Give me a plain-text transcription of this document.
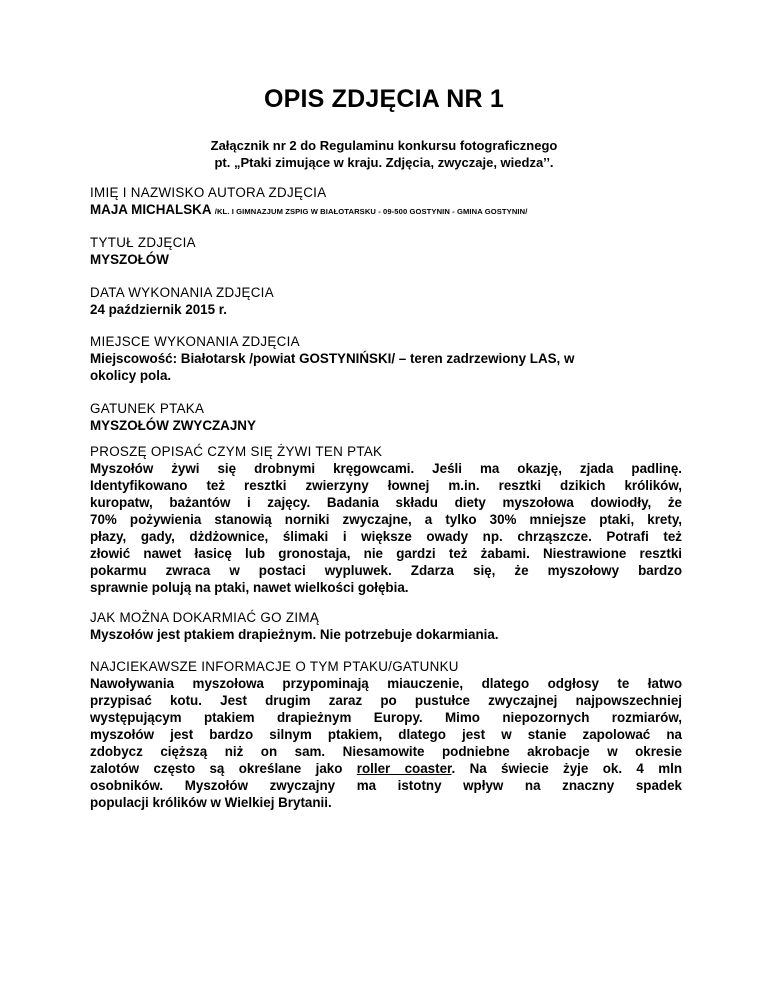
OPIS ZDJĘCIA NR 1
Załącznik nr 2 do Regulaminu konkursu fotograficznego
pt. „Ptaki zimujące w kraju. Zdjęcia, zwyczaje, wiedza’’.
IMIĘ I NAZWISKO AUTORA ZDJĘCIA
MAJA MICHALSKA /KL. I GIMNAZJUM ZSPIG W BIAŁOTARSKU - 09-500 GOSTYNIN - GMINA GOSTYNIN/
TYTUŁ ZDJĘCIA
MYSZOŁÓW
DATA WYKONANIA ZDJĘCIA
24 październik 2015 r.
MIEJSCE WYKONANIA ZDJĘCIA
Miejscowość: Białotarsk /powiat GOSTYNIŃSKI/ – teren zadrzewiony LAS, w
okolicy pola.
GATUNEK PTAKA
MYSZOŁÓW ZWYCZAJNY
PROSZĘ OPISAĆ CZYM SIĘ ŻYWI TEN PTAK

Myszołów żywi się drobnymi kręgowcami. Jeśli ma okazję, zjada padlinę.

Identyfikowano też resztki zwierzyny łownej m.in. resztki dzikich królików,

kuropatw, bażantów i zajęcy. Badania składu diety myszołowa dowiodły, że

70% pożywienia stanowią norniki zwyczajne, a tylko 30% mniejsze ptaki, krety,

płazy, gady, dżdżownice, ślimaki i większe owady np. chrząszcze. Potrafi też

złowić nawet łasicę lub gronostaja, nie gardzi też żabami. Niestrawione resztki

pokarmu zwraca w postaci wypluwek. Zdarza się, że myszołowy bardzo

sprawnie polują na ptaki, nawet wielkości gołębia.

JAK MOŻNA DOKARMIAĆ GO ZIMĄ
Myszołów jest ptakiem drapieżnym. Nie potrzebuje dokarmiania.
NAJCIEKAWSZE INFORMACJE O TYM PTAKU/GATUNKU

Nawoływania myszołowa przypominają miauczenie, dlatego odgłosy te łatwo

przypisać kotu. Jest drugim zaraz po pustułce zwyczajnej najpowszechniej

występującym ptakiem drapieżnym Europy. Mimo niepozornych rozmiarów,

myszołów jest bardzo silnym ptakiem, dlatego jest w stanie zapolować na

zdobycz cięższą niż on sam. Niesamowite podniebne akrobacje w okresie

zalotów często są określane jako roller coaster. Na świecie żyje ok. 4 mln

osobników. Myszołów zwyczajny ma istotny wpływ na znaczny spadek

populacji królików w Wielkiej Brytanii.
